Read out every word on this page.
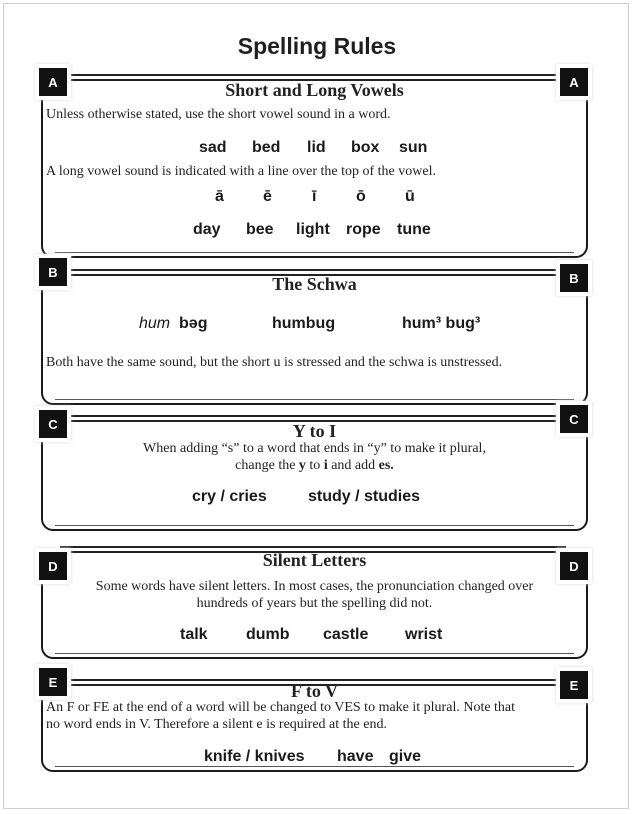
Spelling Rules
A	A
Short and Long Vowels
Unless otherwise stated, use the short vowel sound in a word.
sad bed lid box sun
A long vowel sound is indicated with a line over the top of the vowel.
ā ē	ī ō ū
day bee light rope tune
B	B
The Schwa
hum bəg	humbug	hum³ bug³
Both have the same sound, but the short u is stressed and the schwa is unstressed.
C	C
Y to I
When adding “s” to a word that ends in “y” to make it plural,
change the y to i and add es.
cry / cries	study / studies
D	D
Silent Letters
Some words have silent letters. In most cases, the pronunciation changed over
hundreds of years but the spelling did not.
talk dumb castle wrist
E	E
F to V
An F or FE at the end of a word will be changed to VES to make it plural. Note that
no word ends in V. Therefore a silent e is required at the end.
knife / knives have give
